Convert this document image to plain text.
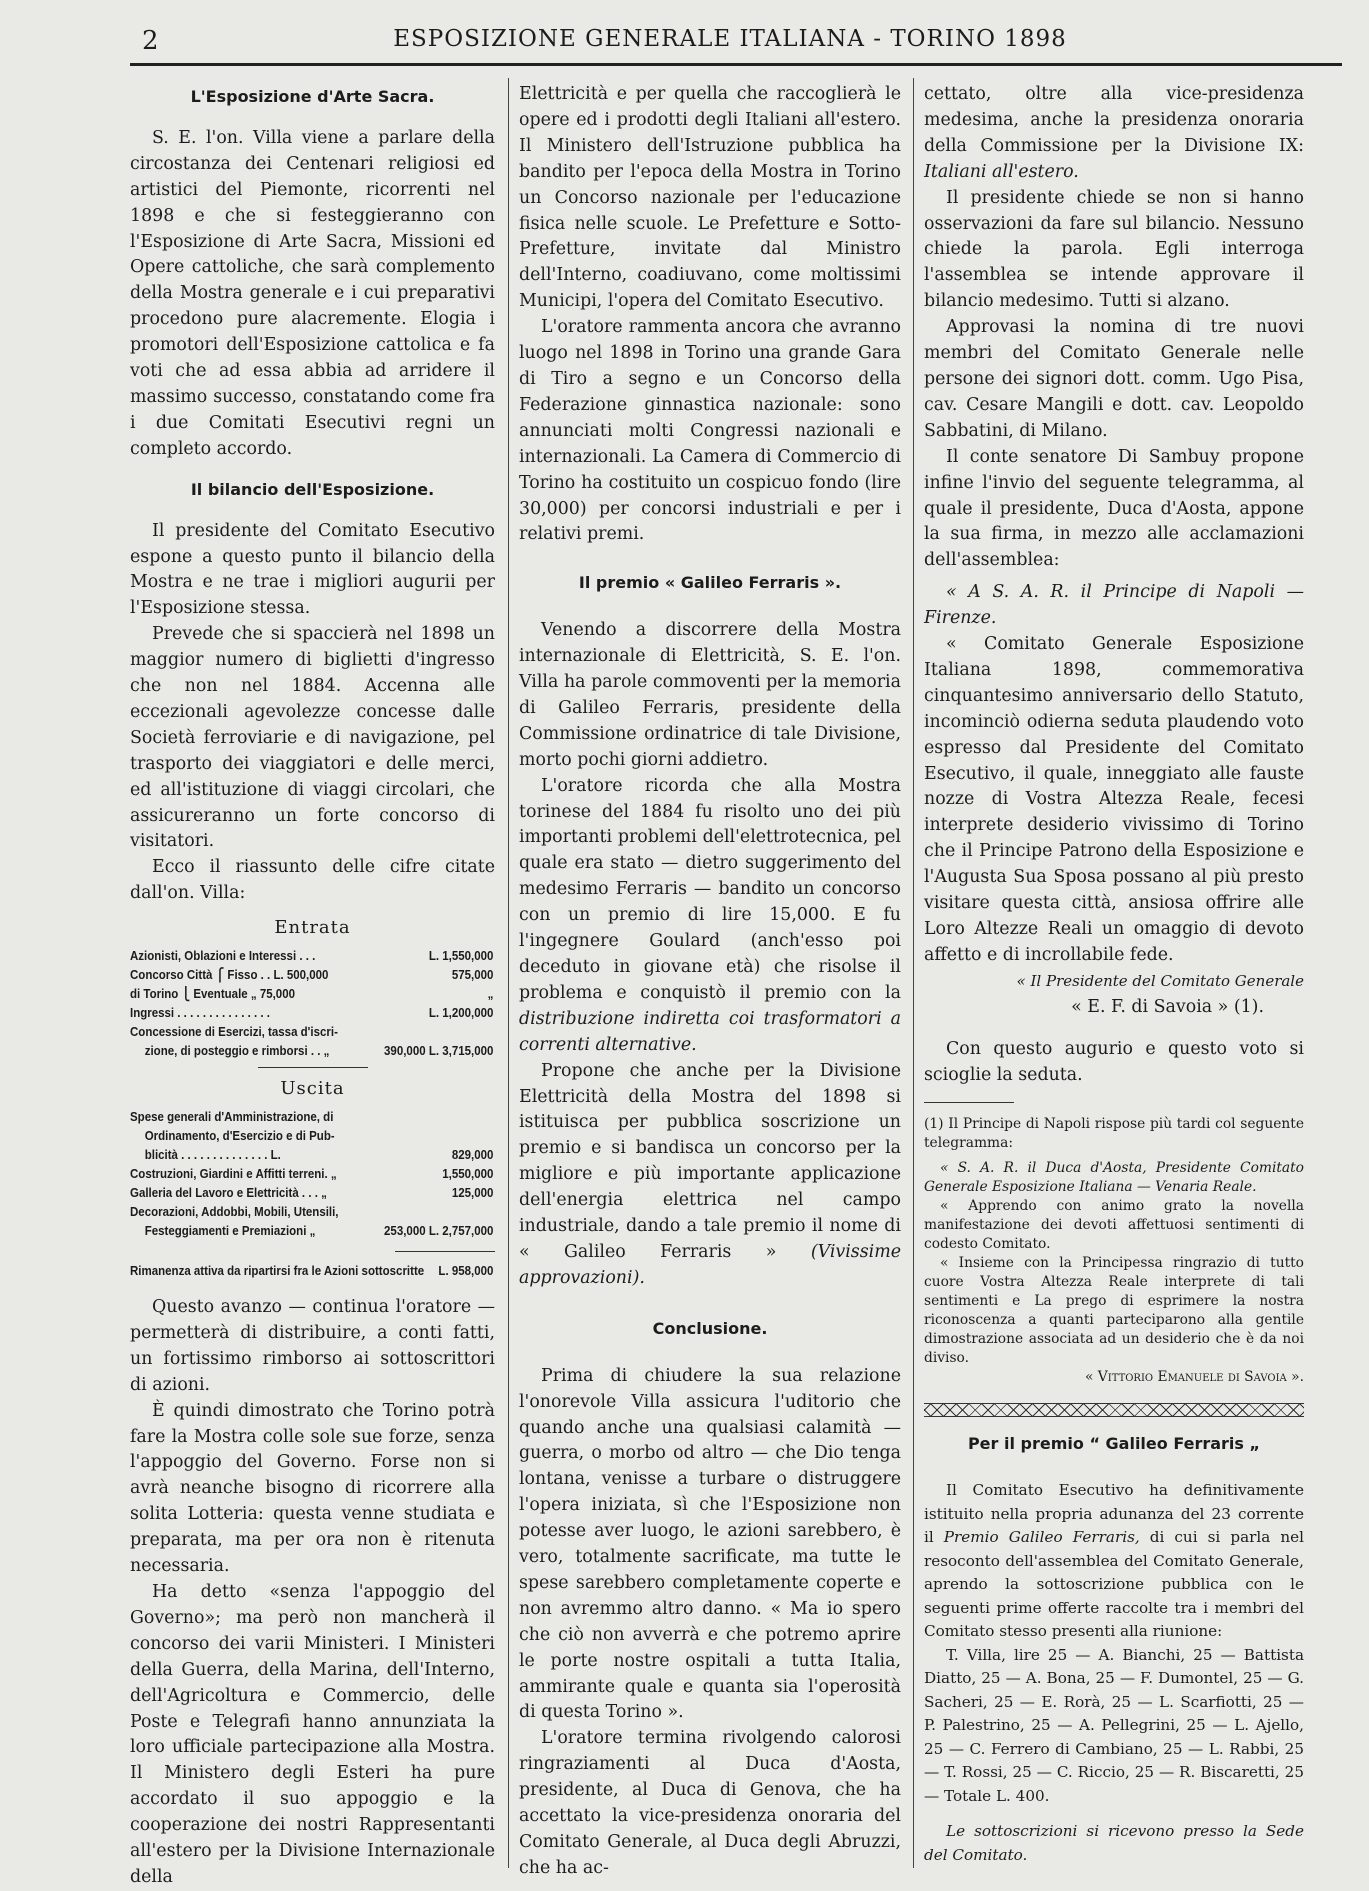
2	ESPOSIZIONE GENERALE ITALIANA - TORINO 1898
L'Esposizione d'Arte Sacra.

S. E. l'on. Villa viene a parlare della circostanza dei Centenari religiosi ed artistici del Piemonte, ricorrenti nel 1898 e che si festeggieranno con l'Esposizione di Arte Sacra, Missioni ed Opere cattoliche, che sarà complemento della Mostra generale e i cui preparativi procedono pure alacremente. Elogia i promotori dell'Esposizione cattolica e fa voti che ad essa abbia ad arridere il massimo successo, constatando come fra i due Comitati Esecutivi regni un completo accordo.

Il bilancio dell'Esposizione.

Il presidente del Comitato Esecutivo espone a questo punto il bilancio della Mostra e ne trae i migliori augurii per l'Esposizione stessa.

Prevede che si spaccierà nel 1898 un maggior numero di biglietti d'ingresso che non nel 1884. Accenna alle eccezionali agevolezze concesse dalle Società ferroviarie e di navigazione, pel trasporto dei viaggiatori e delle merci, ed all'istituzione di viaggi circolari, che assicureranno un forte concorso di visitatori.

Ecco il riassunto delle cifre citate dall'on. Villa:

Entrata
Azionisti, Oblazioni e Interessi . . .	L. 1,550,000
Concorso Città ⎧ Fisso . . L. 500,000	575,000
di Torino ⎩ Eventuale „ 75,000	„
Ingressi . . . . . . . . . . . . . . .	L. 1,200,000
Concessione di Esercizi, tassa d'iscri-
zione, di posteggio e rimborsi . . „	390,000 L. 3,715,000
Uscita
Spese generali d'Amministrazione, di
Ordinamento, d'Esercizio e di Pub-
blicità . . . . . . . . . . . . . . L.	829,000
Costruzioni, Giardini e Affitti terreni. „	1,550,000
Galleria del Lavoro e Elettricità . . . „	125,000
Decorazioni, Addobbi, Mobili, Utensili,
Festeggiamenti e Premiazioni „	253,000 L. 2,757,000
Rimanenza attiva da ripartirsi fra le Azioni sottoscritte	L. 958,000

Questo avanzo — continua l'oratore — permetterà di distribuire, a conti fatti, un fortissimo rimborso ai sottoscrittori di azioni.

È quindi dimostrato che Torino potrà fare la Mostra colle sole sue forze, senza l'appoggio del Governo. Forse non si avrà neanche bisogno di ricorrere alla solita Lotteria: questa venne studiata e preparata, ma per ora non è ritenuta necessaria.

Ha detto «senza l'appoggio del Governo»; ma però non mancherà il concorso dei varii Ministeri. I Ministeri della Guerra, della Marina, dell'Interno, dell'Agricoltura e Commercio, delle Poste e Telegrafi hanno annunziata la loro ufficiale partecipazione alla Mostra. Il Ministero degli Esteri ha pure accordato il suo appoggio e la cooperazione dei nostri Rappresentanti all'estero per la Divisione Internazionale della

Elettricità e per quella che raccoglierà le opere ed i prodotti degli Italiani all'estero. Il Ministero dell'Istruzione pubblica ha bandito per l'epoca della Mostra in Torino un Concorso nazionale per l'educazione fisica nelle scuole. Le Prefetture e Sotto-Prefetture, invitate dal Ministro dell'Interno, coadiuvano, come moltissimi Municipi, l'opera del Comitato Esecutivo.

L'oratore rammenta ancora che avranno luogo nel 1898 in Torino una grande Gara di Tiro a segno e un Concorso della Federazione ginnastica nazionale: sono annunciati molti Congressi nazionali e internazionali. La Camera di Commercio di Torino ha costituito un cospicuo fondo (lire 30,000) per concorsi industriali e per i relativi premi.

Il premio « Galileo Ferraris ».

Venendo a discorrere della Mostra internazionale di Elettricità, S. E. l'on. Villa ha parole commoventi per la memoria di Galileo Ferraris, presidente della Commissione ordinatrice di tale Divisione, morto pochi giorni addietro.

L'oratore ricorda che alla Mostra torinese del 1884 fu risolto uno dei più importanti problemi dell'elettrotecnica, pel quale era stato — dietro suggerimento del medesimo Ferraris — bandito un concorso con un premio di lire 15,000. E fu l'ingegnere Goulard (anch'esso poi deceduto in giovane età) che risolse il problema e conquistò il premio con la distribuzione indiretta coi trasformatori a correnti alternative.

Propone che anche per la Divisione Elettricità della Mostra del 1898 si istituisca per pubblica soscrizione un premio e si bandisca un concorso per la migliore e più importante applicazione dell'energia elettrica nel campo industriale, dando a tale premio il nome di « Galileo Ferraris » (Vivissime approvazioni).

Conclusione.

Prima di chiudere la sua relazione l'onorevole Villa assicura l'uditorio che quando anche una qualsiasi calamità — guerra, o morbo od altro — che Dio tenga lontana, venisse a turbare o distruggere l'opera iniziata, sì che l'Esposizione non potesse aver luogo, le azioni sarebbero, è vero, totalmente sacrificate, ma tutte le spese sarebbero completamente coperte e non avremmo altro danno. « Ma io spero che ciò non avverrà e che potremo aprire le porte nostre ospitali a tutta Italia, ammirante quale e quanta sia l'operosità di questa Torino ».

L'oratore termina rivolgendo calorosi ringraziamenti al Duca d'Aosta, presidente, al Duca di Genova, che ha accettato la vice-presidenza onoraria del Comitato Generale, al Duca degli Abruzzi, che ha ac-

cettato, oltre alla vice-presidenza medesima, anche la presidenza onoraria della Commissione per la Divisione IX: Italiani all'estero.

Il presidente chiede se non si hanno osservazioni da fare sul bilancio. Nessuno chiede la parola. Egli interroga l'assemblea se intende approvare il bilancio medesimo. Tutti si alzano.

Approvasi la nomina di tre nuovi membri del Comitato Generale nelle persone dei signori dott. comm. Ugo Pisa, cav. Cesare Mangili e dott. cav. Leopoldo Sabbatini, di Milano.

Il conte senatore Di Sambuy propone infine l'invio del seguente telegramma, al quale il presidente, Duca d'Aosta, appone la sua firma, in mezzo alle acclamazioni dell'assemblea:

« A S. A. R. il Principe di Napoli — Firenze.

« Comitato Generale Esposizione Italiana 1898, commemorativa cinquantesimo anniversario dello Statuto, incominciò odierna seduta plaudendo voto espresso dal Presidente del Comitato Esecutivo, il quale, inneggiato alle fauste nozze di Vostra Altezza Reale, fecesi interprete desiderio vivissimo di Torino che il Principe Patrono della Esposizione e l'Augusta Sua Sposa possano al più presto visitare questa città, ansiosa offrire alle Loro Altezze Reali un omaggio di devoto affetto e di incrollabile fede.

« Il Presidente del Comitato Generale

« E. F. di Savoia » (1).

Con questo augurio e questo voto si scioglie la seduta.

(1) Il Principe di Napoli rispose più tardi col seguente telegramma:

« S. A. R. il Duca d'Aosta, Presidente Comitato Generale Esposizione Italiana — Venaria Reale.

« Apprendo con animo grato la novella manifestazione dei devoti affettuosi sentimenti di codesto Comitato.

« Insieme con la Principessa ringrazio di tutto cuore Vostra Altezza Reale interprete di tali sentimenti e La prego di esprimere la nostra riconoscenza a quanti parteciparono alla gentile dimostrazione associata ad un desiderio che è da noi diviso.

« Vittorio Emanuele di Savoia ».

Per il premio “ Galileo Ferraris „

Il Comitato Esecutivo ha definitivamente istituito nella propria adunanza del 23 corrente il Premio Galileo Ferraris, di cui si parla nel resoconto dell'assemblea del Comitato Generale, aprendo la sottoscrizione pubblica con le seguenti prime offerte raccolte tra i membri del Comitato stesso presenti alla riunione:

T. Villa, lire 25 — A. Bianchi, 25 — Battista Diatto, 25 — A. Bona, 25 — F. Dumontel, 25 — G. Sacheri, 25 — E. Rorà, 25 — L. Scarfiotti, 25 — P. Palestrino, 25 — A. Pellegrini, 25 — L. Ajello, 25 — C. Ferrero di Cambiano, 25 — L. Rabbi, 25 — T. Rossi, 25 — C. Riccio, 25 — R. Biscaretti, 25 — Totale L. 400.

Le sottoscrizioni si ricevono presso la Sede del Comitato.
